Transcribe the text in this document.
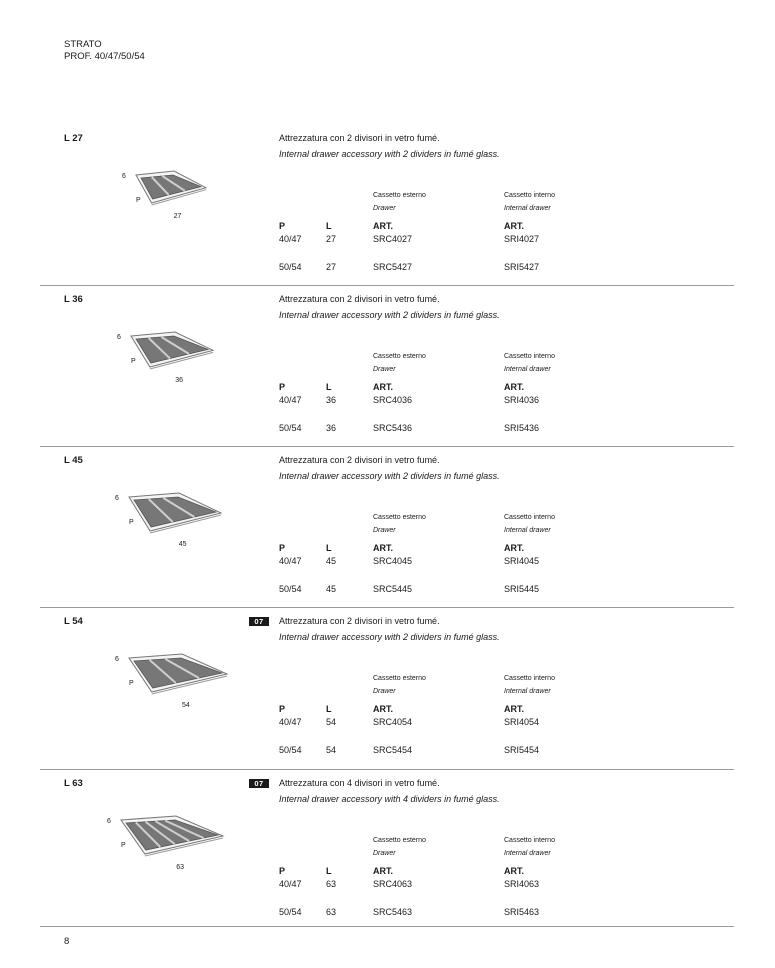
STRATO
PROF. 40/47/50/54
L 27	Attrezzatura con 2 divisori in vetro fumé.
Internal drawer accessory with 2 dividers in fumé glass.
6
P
27
Cassetto esterno
Drawer
Cassetto interno
Internal drawer
P	L	ART.	ART.
40/47	27	SRC4027	SRI4027
50/54	27	SRC5427	SRI5427
L 36	Attrezzatura con 2 divisori in vetro fumé.
Internal drawer accessory with 2 dividers in fumé glass.
6
P
36
Cassetto esterno
Drawer
Cassetto interno
Internal drawer
P	L	ART.	ART.
40/47	36	SRC4036	SRI4036
50/54	36	SRC5436	SRI5436
L 45	Attrezzatura con 2 divisori in vetro fumé.
Internal drawer accessory with 2 dividers in fumé glass.
6
P
45
Cassetto esterno
Drawer
Cassetto interno
Internal drawer
P	L	ART.	ART.
40/47	45	SRC4045	SRI4045
50/54	45	SRC5445	SRI5445
L 54	07	Attrezzatura con 2 divisori in vetro fumé.
Internal drawer accessory with 2 dividers in fumé glass.
6
P
54
Cassetto esterno
Drawer
Cassetto interno
Internal drawer
P	L	ART.	ART.
40/47	54	SRC4054	SRI4054
50/54	54	SRC5454	SRI5454
L 63	07	Attrezzatura con 4 divisori in vetro fumé.
Internal drawer accessory with 4 dividers in fumé glass.
6
P
63
Cassetto esterno
Drawer
Cassetto interno
Internal drawer
P	L	ART.	ART.
40/47	63	SRC4063	SRI4063
50/54	63	SRC5463	SRI5463
8
